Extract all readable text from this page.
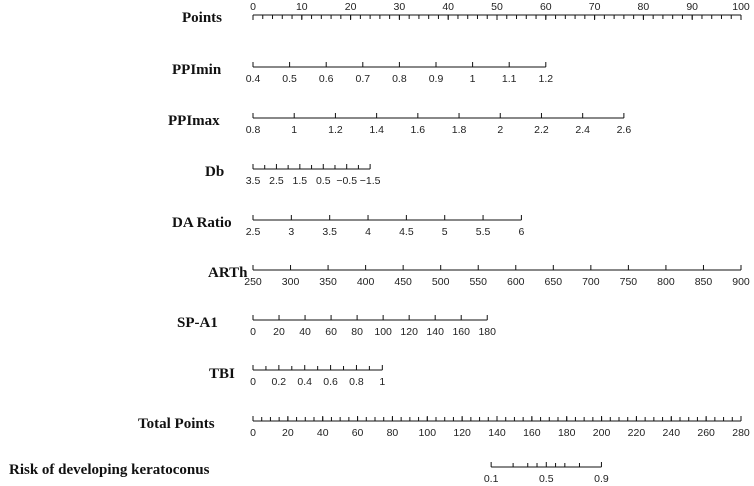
Points
0	10	20	30	40	50	60	70	80	90	100
PPImin
0.4 0.5 0.6 0.7 0.8 0.9	1	1.1 1.2
PPImax
0.8	1	1.2	1.4	1.6	1.8	2	2.2	2.4	2.6
Db
3.5 2.5 1.5 0.5 −0.5 −1.5
DA Ratio
2.5	3	3.5	4	4.5	5	5.5	6
ARTh
250 300 350 400 450 500 550 600 650 700 750 800 850 900
SP-A1
0 20 40 60 80 100 120 140 160 180
TBI 0 0.2 0.4 0.6 0.8 1
Total Points
0 20 40 60 80 100 120 140 160 180 200 220 240 260 280
Risk of developing keratoconus
0.1	0.5	0.9
